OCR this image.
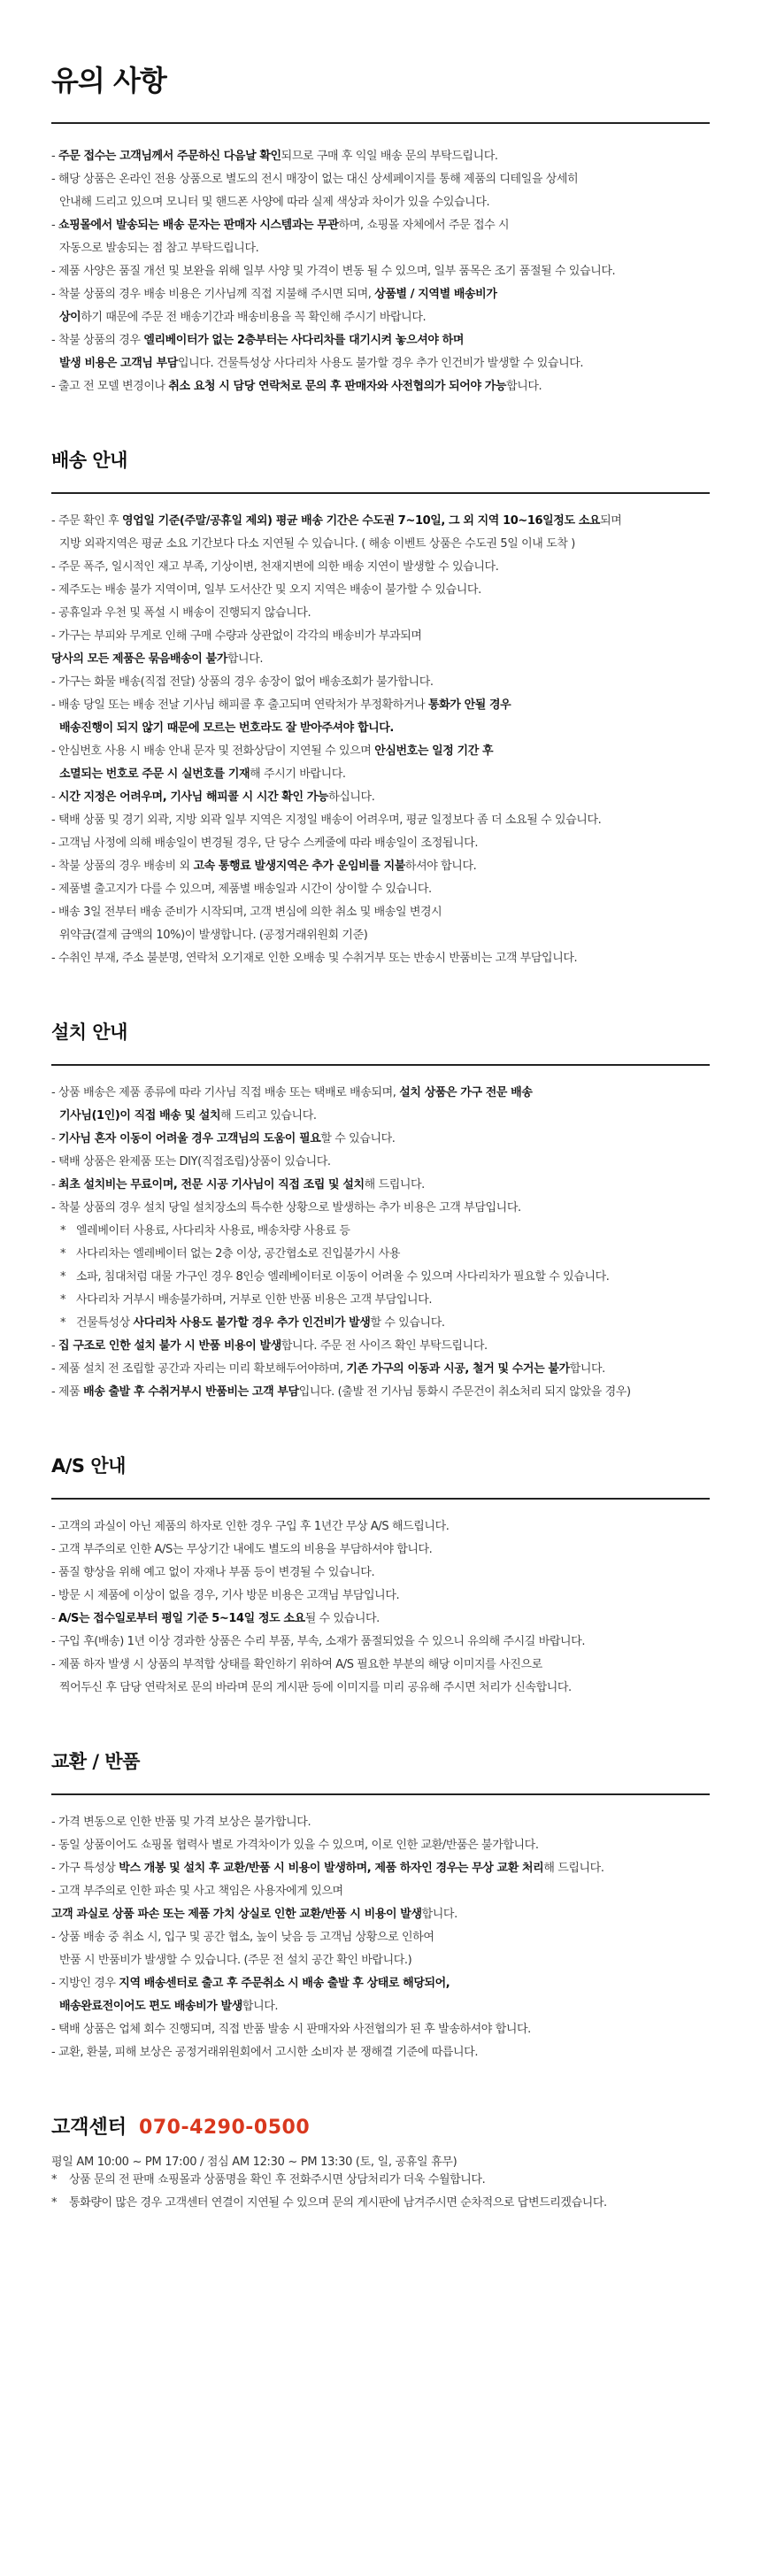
유의 사항
- 주문 접수는 고객님께서 주문하신 다음날 확인되므로 구매 후 익일 배송 문의 부탁드립니다.
- 해당 상품은 온라인 전용 상품으로 별도의 전시 매장이 없는 대신 상세페이지를 통해 제품의 디테일을 상세히
안내해 드리고 있으며 모니터 및 핸드폰 사양에 따라 실제 색상과 차이가 있을 수있습니다.
- 쇼핑몰에서 발송되는 배송 문자는 판매자 시스템과는 무관하며, 쇼핑몰 자체에서 주문 접수 시
자동으로 발송되는 점 참고 부탁드립니다.
- 제품 사양은 품질 개선 및 보완을 위해 일부 사양 및 가격이 변동 될 수 있으며, 일부 품목은 조기 품절될 수 있습니다.
- 착불 상품의 경우 배송 비용은 기사님께 직접 지불해 주시면 되며, 상품별 / 지역별 배송비가
상이하기 때문에 주문 전 배송기간과 배송비용을 꼭 확인해 주시기 바랍니다.
- 착불 상품의 경우 엘리베이터가 없는 2층부터는 사다리차를 대기시켜 놓으셔야 하며
발생 비용은 고객님 부담입니다. 건물특성상 사다리차 사용도 불가할 경우 추가 인건비가 발생할 수 있습니다.
- 출고 전 모델 변경이나 취소 요청 시 담당 연락처로 문의 후 판매자와 사전협의가 되어야 가능합니다.
배송 안내
- 주문 확인 후 영업일 기준(주말/공휴일 제외) 평균 배송 기간은 수도권 7~10일, 그 외 지역 10~16일정도 소요되며
지방 외곽지역은 평균 소요 기간보다 다소 지연될 수 있습니다. ( 해송 이벤트 상품은 수도권 5일 이내 도착 )
- 주문 폭주, 일시적인 재고 부족, 기상이변, 천재지변에 의한 배송 지연이 발생할 수 있습니다.
- 제주도는 배송 불가 지역이며, 일부 도서산간 및 오지 지역은 배송이 불가할 수 있습니다.
- 공휴일과 우천 및 폭설 시 배송이 진행되지 않습니다.
- 가구는 부피와 무게로 인해 구매 수량과 상관없이 각각의 배송비가 부과되며
당사의 모든 제품은 묶음배송이 불가합니다.
- 가구는 화물 배송(직접 전달) 상품의 경우 송장이 없어 배송조회가 불가합니다.
- 배송 당일 또는 배송 전날 기사님 해피콜 후 출고되며 연락처가 부정확하거나 통화가 안될 경우
배송진행이 되지 않기 때문에 모르는 번호라도 잘 받아주셔야 합니다.
- 안심번호 사용 시 배송 안내 문자 및 전화상담이 지연될 수 있으며 안심번호는 일정 기간 후
소멸되는 번호로 주문 시 실번호를 기재해 주시기 바랍니다.
- 시간 지정은 어려우며, 기사님 해피콜 시 시간 확인 가능하십니다.
- 택배 상품 및 경기 외곽, 지방 외곽 일부 지역은 지정일 배송이 어려우며, 평균 일정보다 좀 더 소요될 수 있습니다.
- 고객님 사정에 의해 배송일이 변경될 경우, 단 당수 스케줄에 따라 배송일이 조정됩니다.
- 착불 상품의 경우 배송비 외 고속 통행료 발생지역은 추가 운임비를 지불하셔야 합니다.
- 제품별 출고지가 다를 수 있으며, 제품별 배송일과 시간이 상이할 수 있습니다.
- 배송 3일 전부터 배송 준비가 시작되며, 고객 변심에 의한 취소 및 배송일 변경시
위약금(결제 금액의 10%)이 발생합니다. (공정거래위원회 기준)
- 수취인 부재, 주소 불분명, 연락처 오기재로 인한 오배송 및 수취거부 또는 반송시 반품비는 고객 부담입니다.
설치 안내
- 상품 배송은 제품 종류에 따라 기사님 직접 배송 또는 택배로 배송되며, 설치 상품은 가구 전문 배송
기사님(1인)이 직접 배송 및 설치해 드리고 있습니다.
- 기사님 혼자 이동이 어려울 경우 고객님의 도움이 필요할 수 있습니다.
- 택배 상품은 완제품 또는 DIY(직접조립)상품이 있습니다.
- 최초 설치비는 무료이며, 전문 시공 기사님이 직접 조립 및 설치해 드립니다.
- 착불 상품의 경우 설치 당일 설치장소의 특수한 상황으로 발생하는 추가 비용은 고객 부담입니다.
* 엘레베이터 사용료, 사다리차 사용료, 배송차량 사용료 등
* 사다리차는 엘레베이터 없는 2층 이상, 공간협소로 진입불가시 사용
* 소파, 침대처럼 대물 가구인 경우 8인승 엘레베이터로 이동이 어려울 수 있으며 사다리차가 필요할 수 있습니다.
* 사다리차 거부시 배송불가하며, 거부로 인한 반품 비용은 고객 부담입니다.
* 건물특성상 사다리차 사용도 불가할 경우 추가 인건비가 발생할 수 있습니다.
- 집 구조로 인한 설치 불가 시 반품 비용이 발생합니다. 주문 전 사이즈 확인 부탁드립니다.
- 제품 설치 전 조립할 공간과 자리는 미리 확보해두어야하며, 기존 가구의 이동과 시공, 철거 및 수거는 불가합니다.
- 제품 배송 출발 후 수취거부시 반품비는 고객 부담입니다. (출발 전 기사님 통화시 주문건이 취소처리 되지 않았을 경우)
A/S 안내
- 고객의 과실이 아닌 제품의 하자로 인한 경우 구입 후 1년간 무상 A/S 해드립니다.
- 고객 부주의로 인한 A/S는 무상기간 내에도 별도의 비용을 부담하셔야 합니다.
- 품질 향상을 위해 예고 없이 자재나 부품 등이 변경될 수 있습니다.
- 방문 시 제품에 이상이 없을 경우, 기사 방문 비용은 고객님 부담입니다.
- A/S는 접수일로부터 평일 기준 5~14일 정도 소요될 수 있습니다.
- 구입 후(배송) 1년 이상 경과한 상품은 수리 부품, 부속, 소재가 품절되었을 수 있으니 유의해 주시길 바랍니다.
- 제품 하자 발생 시 상품의 부적합 상태를 확인하기 위하여 A/S 필요한 부분의 해당 이미지를 사진으로
찍어두신 후 담당 연락처로 문의 바라며 문의 게시판 등에 이미지를 미리 공유해 주시면 처리가 신속합니다.
교환 / 반품
- 가격 변동으로 인한 반품 및 가격 보상은 불가합니다.
- 동일 상품이어도 쇼핑몰 협력사 별로 가격차이가 있을 수 있으며, 이로 인한 교환/반품은 불가합니다.
- 가구 특성상 박스 개봉 및 설치 후 교환/반품 시 비용이 발생하며, 제품 하자인 경우는 무상 교환 처리해 드립니다.
- 고객 부주의로 인한 파손 및 사고 책임은 사용자에게 있으며
고객 과실로 상품 파손 또는 제품 가치 상실로 인한 교환/반품 시 비용이 발생합니다.
- 상품 배송 중 취소 시, 입구 및 공간 협소, 높이 낮음 등 고객님 상황으로 인하여
반품 시 반품비가 발생할 수 있습니다. (주문 전 설치 공간 확인 바랍니다.)
- 지방인 경우 지역 배송센터로 출고 후 주문취소 시 배송 출발 후 상태로 해당되어,
배송완료전이어도 편도 배송비가 발생합니다.
- 택배 상품은 업체 회수 진행되며, 직접 반품 발송 시 판매자와 사전협의가 된 후 발송하셔야 합니다.
- 교환, 환불, 피해 보상은 공정거래위원회에서 고시한 소비자 분 쟁해결 기준에 따릅니다.
고객센터 070-4290-0500
평일 AM 10:00 ~ PM 17:00 / 점심 AM 12:30 ~ PM 13:30 (토, 일, 공휴일 휴무)
* 상품 문의 전 판매 쇼핑몰과 상품명을 확인 후 전화주시면 상담처리가 더욱 수월합니다.
* 통화량이 많은 경우 고객센터 연결이 지연될 수 있으며 문의 게시판에 남겨주시면 순차적으로 답변드리겠습니다.
